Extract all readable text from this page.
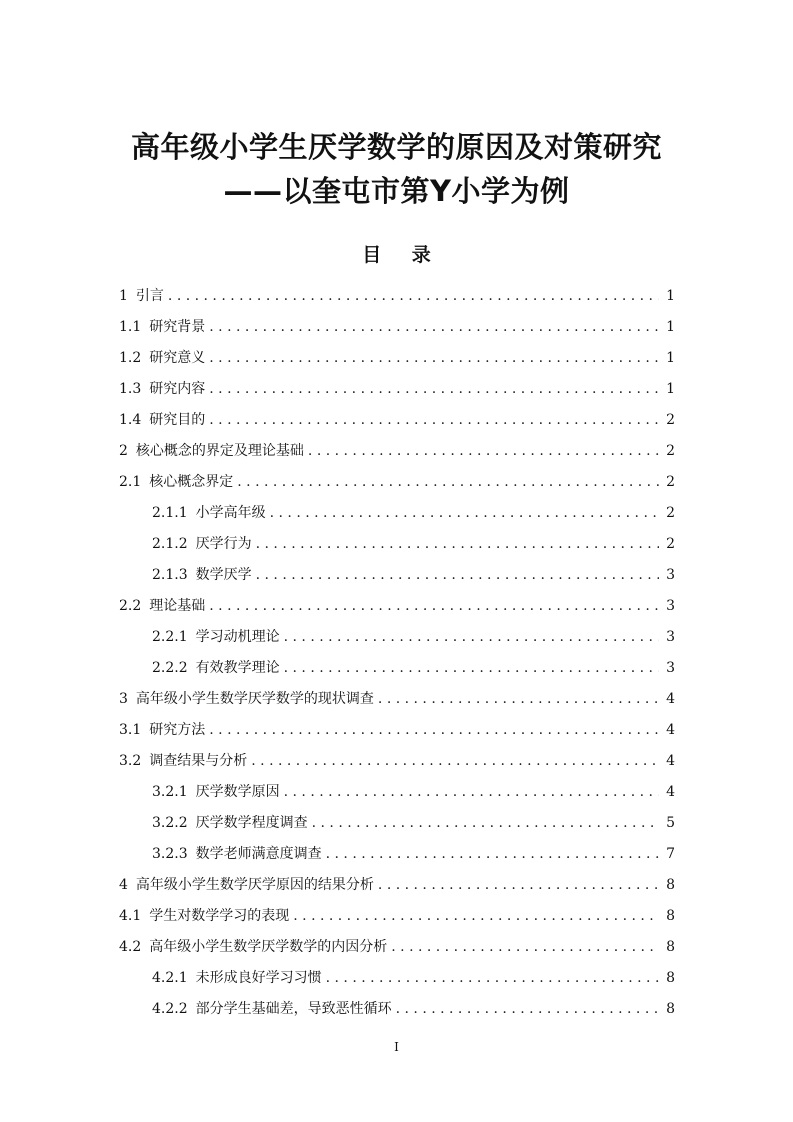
高年级小学生厌学数学的原因及对策研究
——以奎屯市第Y小学为例
目 录
1 引言 . . .	1
1.1 研究背景 . . .	1
1.2 研究意义 . . .	1
1.3 研究内容 . . .	1
1.4 研究目的 . . .	2
2 核心概念的界定及理论基础 . . .	2
2.1 核心概念界定 . . .	2
2.1.1 小学高年级 . . .	2
2.1.2 厌学行为 . . .	2
2.1.3 数学厌学 . . .	3
2.2 理论基础 . . .	3
2.2.1 学习动机理论 . . .	3
2.2.2 有效教学理论 . . .	3
3 高年级小学生数学厌学数学的现状调查 . . .	4
3.1 研究方法 . . .	4
3.2 调查结果与分析 . . .	4
3.2.1 厌学数学原因 . . .	4
3.2.2 厌学数学程度调查 . . .	5
3.2.3 数学老师满意度调查 . . .	7
4 高年级小学生数学厌学原因的结果分析 . . .	8
4.1 学生对数学学习的表现 . . .	8
4.2 高年级小学生数学厌学数学的内因分析 . . .	8
4.2.1 未形成良好学习习惯 . . .	8
4.2.2 部分学生基础差，导致恶性循环 . . .	8
I
